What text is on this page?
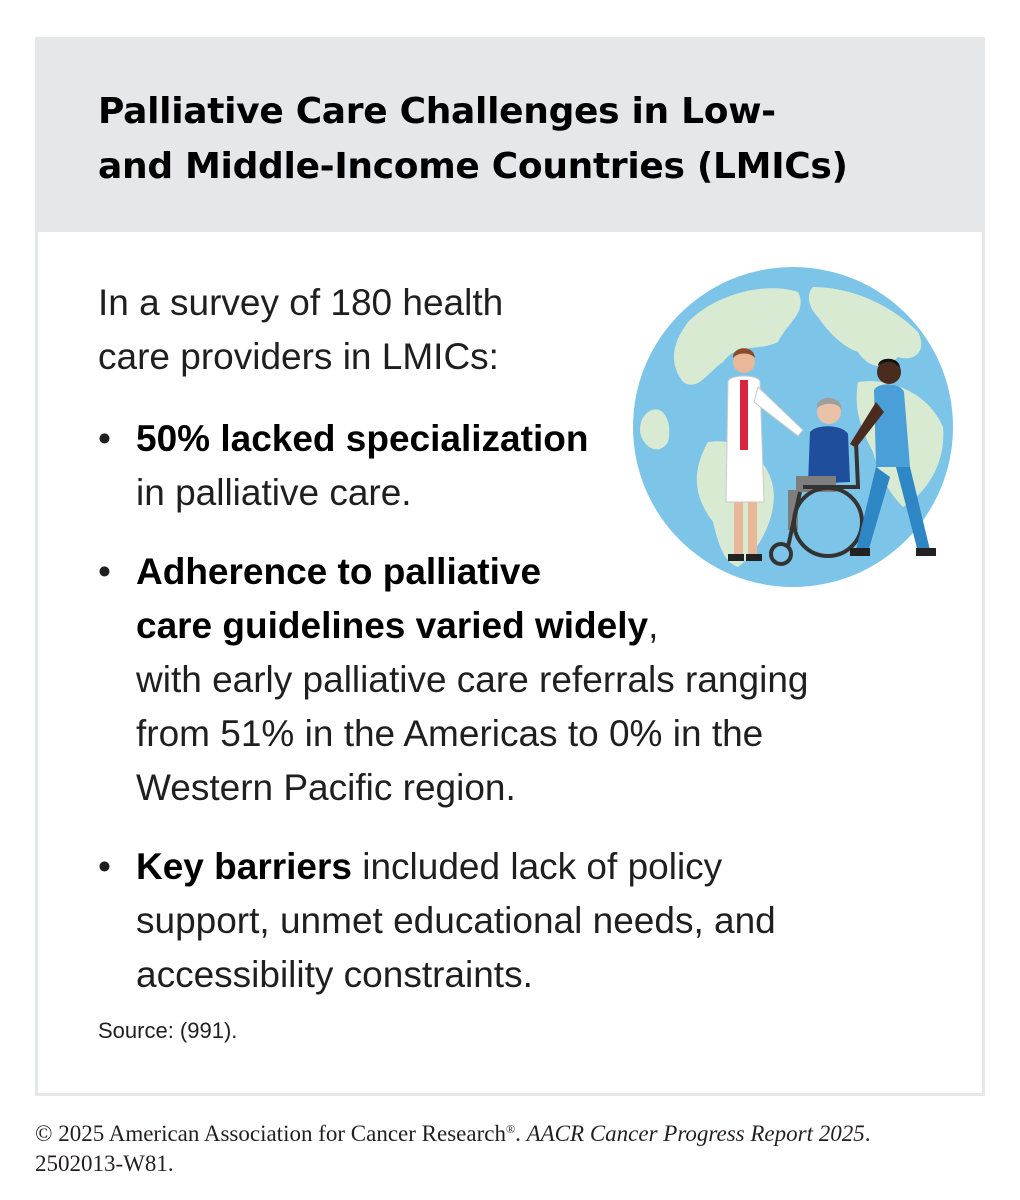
Palliative Care Challenges in Low-
and Middle-Income Countries (LMICs)
In a survey of 180 health
care providers in LMICs:
• 50% lacked specialization
in palliative care.
• Adherence to palliative
care guidelines varied widely,
with early palliative care referrals ranging
from 51% in the Americas to 0% in the
Western Pacific region.
• Key barriers included lack of policy
support, unmet educational needs, and
accessibility constraints.
Source: (991).
© 2025 American Association for Cancer Research®. AACR Cancer Progress Report 2025.
2502013-W81.
